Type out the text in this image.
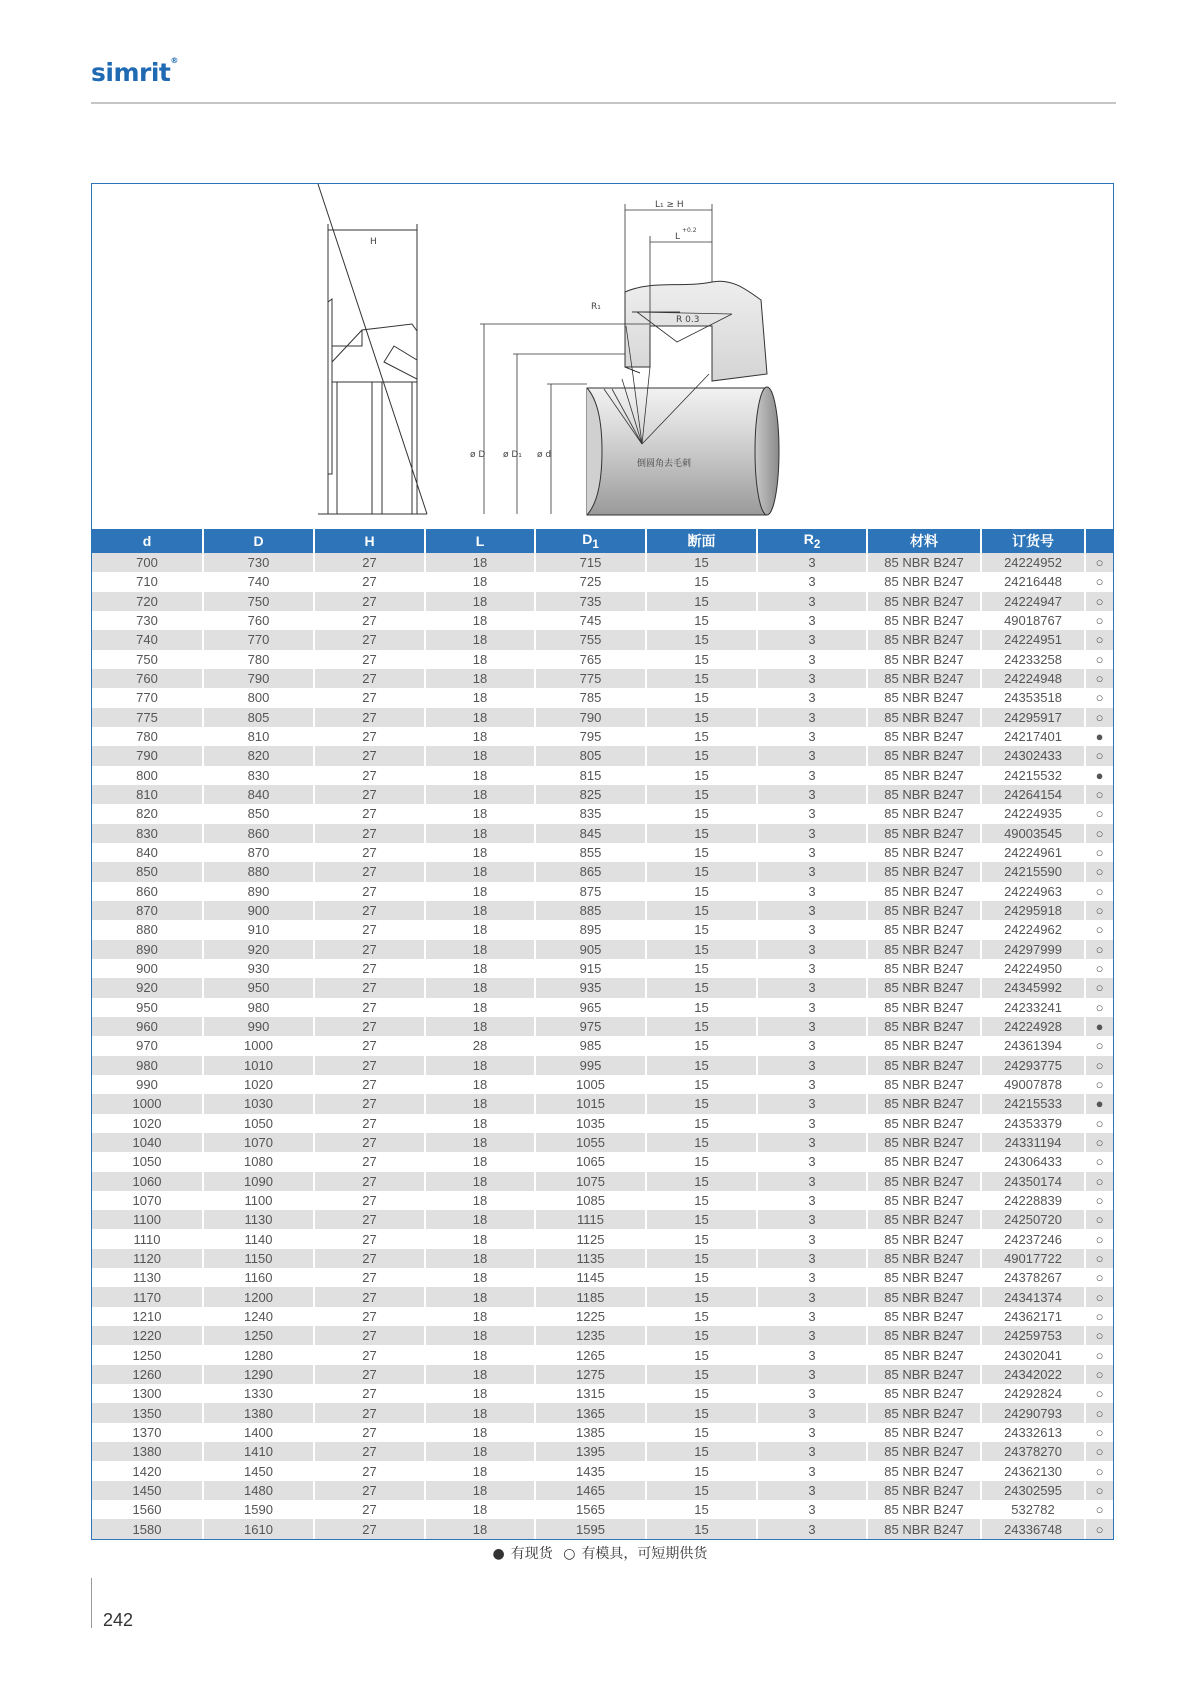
simrit®
H
L₁ ≥ H
L
+0.2
R₁
R 0.3
ø D ø D₁ ø d
倒圆角去毛刺
d	D	H	L	$D_1$	断面	$R_2$	材料	订货号	
700	730	27	18	715	15	3	85 NBR B247	24224952	○
710	740	27	18	725	15	3	85 NBR B247	24216448	○
720	750	27	18	735	15	3	85 NBR B247	24224947	○
730	760	27	18	745	15	3	85 NBR B247	49018767	○
740	770	27	18	755	15	3	85 NBR B247	24224951	○
750	780	27	18	765	15	3	85 NBR B247	24233258	○
760	790	27	18	775	15	3	85 NBR B247	24224948	○
770	800	27	18	785	15	3	85 NBR B247	24353518	○
775	805	27	18	790	15	3	85 NBR B247	24295917	○
780	810	27	18	795	15	3	85 NBR B247	24217401	●
790	820	27	18	805	15	3	85 NBR B247	24302433	○
800	830	27	18	815	15	3	85 NBR B247	24215532	●
810	840	27	18	825	15	3	85 NBR B247	24264154	○
820	850	27	18	835	15	3	85 NBR B247	24224935	○
830	860	27	18	845	15	3	85 NBR B247	49003545	○
840	870	27	18	855	15	3	85 NBR B247	24224961	○
850	880	27	18	865	15	3	85 NBR B247	24215590	○
860	890	27	18	875	15	3	85 NBR B247	24224963	○
870	900	27	18	885	15	3	85 NBR B247	24295918	○
880	910	27	18	895	15	3	85 NBR B247	24224962	○
890	920	27	18	905	15	3	85 NBR B247	24297999	○
900	930	27	18	915	15	3	85 NBR B247	24224950	○
920	950	27	18	935	15	3	85 NBR B247	24345992	○
950	980	27	18	965	15	3	85 NBR B247	24233241	○
960	990	27	18	975	15	3	85 NBR B247	24224928	●
970	1000	27	28	985	15	3	85 NBR B247	24361394	○
980	1010	27	18	995	15	3	85 NBR B247	24293775	○
990	1020	27	18	1005	15	3	85 NBR B247	49007878	○
1000	1030	27	18	1015	15	3	85 NBR B247	24215533	●
1020	1050	27	18	1035	15	3	85 NBR B247	24353379	○
1040	1070	27	18	1055	15	3	85 NBR B247	24331194	○
1050	1080	27	18	1065	15	3	85 NBR B247	24306433	○
1060	1090	27	18	1075	15	3	85 NBR B247	24350174	○
1070	1100	27	18	1085	15	3	85 NBR B247	24228839	○
1100	1130	27	18	1115	15	3	85 NBR B247	24250720	○
1110	1140	27	18	1125	15	3	85 NBR B247	24237246	○
1120	1150	27	18	1135	15	3	85 NBR B247	49017722	○
1130	1160	27	18	1145	15	3	85 NBR B247	24378267	○
1170	1200	27	18	1185	15	3	85 NBR B247	24341374	○
1210	1240	27	18	1225	15	3	85 NBR B247	24362171	○
1220	1250	27	18	1235	15	3	85 NBR B247	24259753	○
1250	1280	27	18	1265	15	3	85 NBR B247	24302041	○
1260	1290	27	18	1275	15	3	85 NBR B247	24342022	○
1300	1330	27	18	1315	15	3	85 NBR B247	24292824	○
1350	1380	27	18	1365	15	3	85 NBR B247	24290793	○
1370	1400	27	18	1385	15	3	85 NBR B247	24332613	○
1380	1410	27	18	1395	15	3	85 NBR B247	24378270	○
1420	1450	27	18	1435	15	3	85 NBR B247	24362130	○
1450	1480	27	18	1465	15	3	85 NBR B247	24302595	○
1560	1590	27	18	1565	15	3	85 NBR B247	532782	○
1580	1610	27	18	1595	15	3	85 NBR B247	24336748	○
● 有现货 ○ 有模具，可短期供货
242
